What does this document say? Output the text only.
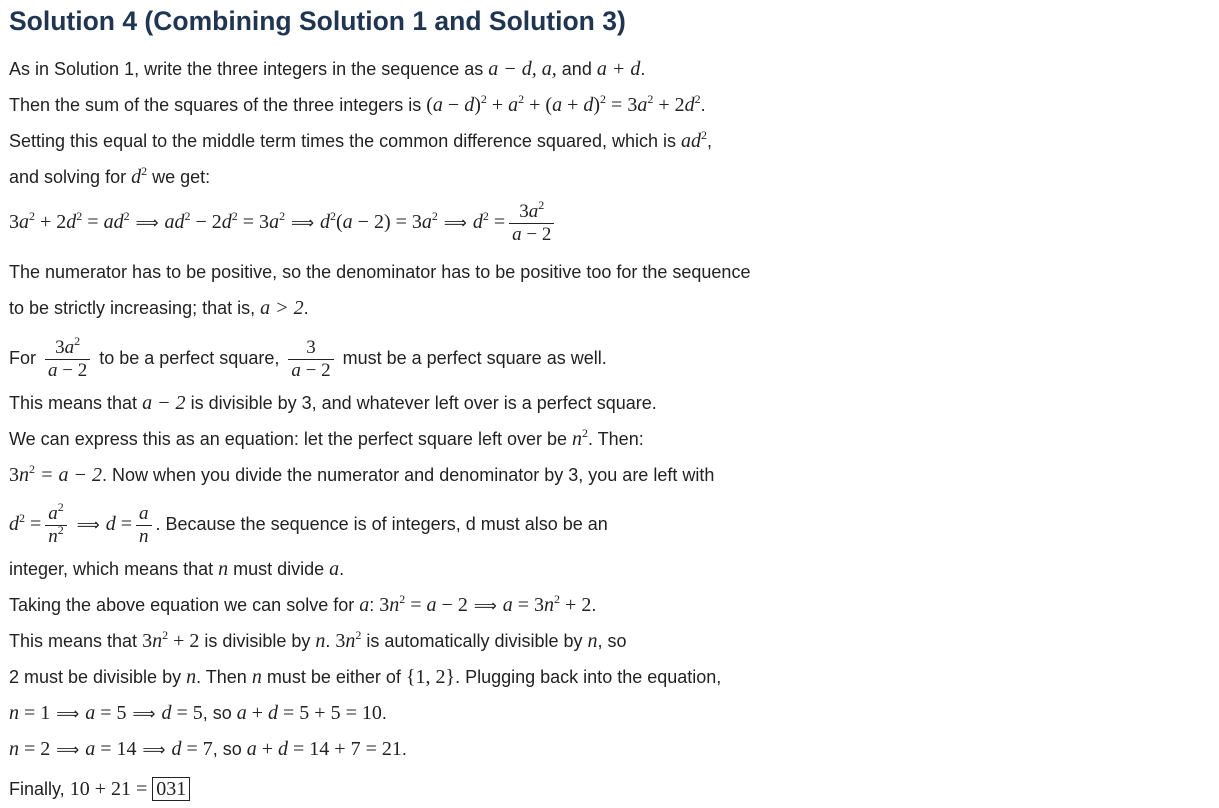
Solution 4 (Combining Solution 1 and Solution 3)
As in Solution 1, write the three integers in the sequence as a − d, a, and a + d.
Then the sum of the squares of the three integers is $(a - d)^2 + a^2 + (a + d)^2 = 3a^2 + 2d^2$.
Setting this equal to the middle term times the common difference squared, which is $ad^2$,
and solving for $d^2$ we get:
$3a^2 + 2d^2 = ad^2$ ⟹ $ad^2 - 2d^2 = 3a^2$ ⟹ $d^2(a - 2) = 3a^2$ ⟹ $d^2 = \frac{3a^2}{a - 2}$
The numerator has to be positive, so the denominator has to be positive too for the sequence
to be strictly increasing; that is, a > 2.
For $\frac{3a^2}{a - 2}$ to be a perfect square, $\frac{3}{a - 2}$ must be a perfect square as well.
This means that a − 2 is divisible by 3, and whatever left over is a perfect square.
We can express this as an equation: let the perfect square left over be $n^2$. Then:
$3n^2 = a - 2$. Now when you divide the numerator and denominator by 3, you are left with
$d^2 = \frac{a^2}{n^2}$ ⟹ $d = \frac{a}{n}$ . Because the sequence is of integers, d must also be an
integer, which means that n must divide a.
Taking the above equation we can solve for a: $3n^2 = a - 2$ ⟹ $a = 3n^2 + 2$.
This means that $3n^2 + 2$ is divisible by n. $3n^2$ is automatically divisible by n, so
2 must be divisible by n. Then n must be either of {1, 2}. Plugging back into the equation,
n = 1 ⟹ a = 5 ⟹ d = 5, so a + d = 5 + 5 = 10.
n = 2 ⟹ a = 14 ⟹ d = 7, so a + d = 14 + 7 = 21.
Finally, 10 + 21 = 031
